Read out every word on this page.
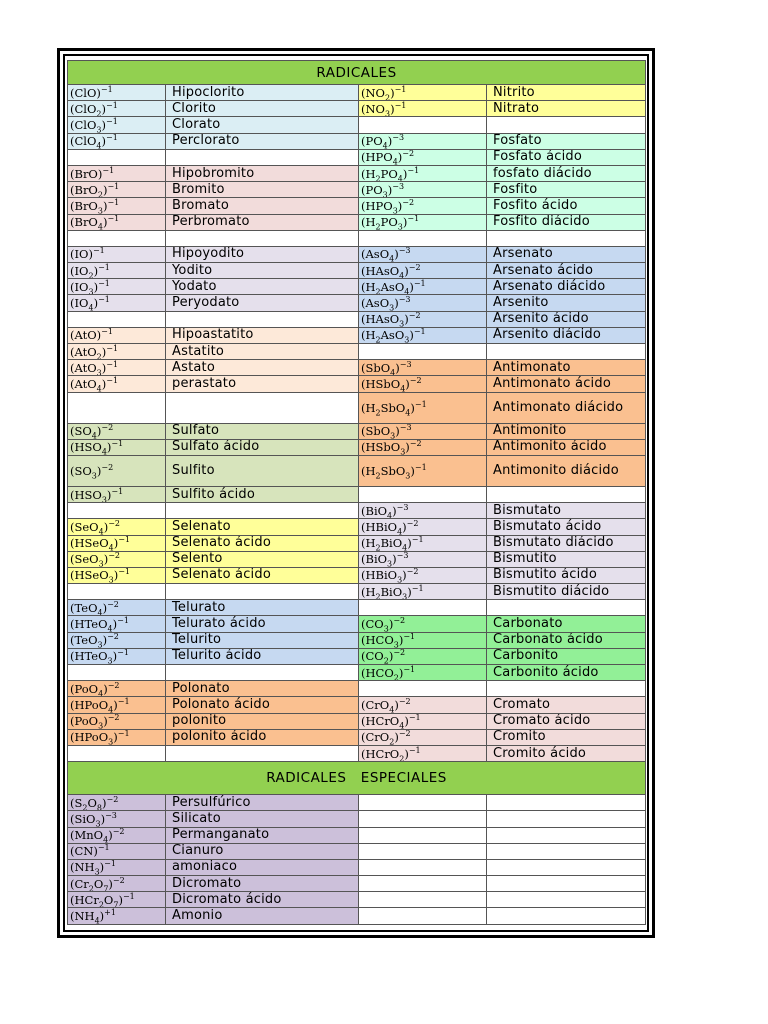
RADICALES			
(ClO)$^{-1}$	Hipoclorito	$(NO_2)^{-1}$	Nitrito
$(ClO_2)^{-1}$	Clorito	$(NO_3)^{-1}$	Nitrato
$(ClO_3)^{-1}$	Clorato		
$(ClO_4)^{-1}$	Perclorato	$(PO_4)^{-3}$	Fosfato
		$(HPO_4)^{-2}$	Fosfato ácido
(BrO)$^{-1}$	Hipobromito	$(H_2PO_4)^{-1}$	fosfato diácido
$(BrO_2)^{-1}$	Bromito	$(PO_3)^{-3}$	Fosfito
$(BrO_3)^{-1}$	Bromato	$(HPO_3)^{-2}$	Fosfito ácido
$(BrO_4)^{-1}$	Perbromato	$(H_2PO_3)^{-1}$	Fosfito diácido

(IO)$^{-1}$	Hipoyodito	$(AsO_4)^{-3}$	Arsenato
$(IO_2)^{-1}$	Yodito	(HAsO$_4$)$^{-2}$	Arsenato ácido
$(IO_3)^{-1}$	Yodato	$(H_2AsO_4)^{-1}$	Arsenato diácido
$(IO_4)^{-1}$	Peryodato	$(AsO_3)^{-3}$	Arsenito
		(HAsO$_3$)$^{-2}$	Arsenito ácido
(AtO)$^{-1}$	Hipoastatito	$(H_2AsO_3)^{-1}$	Arsenito diácido
$(AtO_2)^{-1}$	Astatito		
$(AtO_3)^{-1}$	Astato	$(SbO_4)^{-3}$	Antimonato
$(AtO_4)^{-1}$	perastato	(HSbO$_4$)$^{-2}$	Antimonato ácido
		$(H_2SbO_4)^{-1}$	Antimonato diácido
$(SO_4)^{-2}$	Sulfato	$(SbO_3)^{-3}$	Antimonito
$(HSO_4)^{-1}$	Sulfato ácido	(HSbO$_3$)$^{-2}$	Antimonito ácido
$(SO_3)^{-2}$	Sulfito	$(H_2SbO_3)^{-1}$	Antimonito diácido
$(HSO_3)^{-1}$	Sulfito ácido		
		$(BiO_4)^{-3}$	Bismutato
$(SeO_4)^{-2}$	Selenato	(HBiO$_4$)$^{-2}$	Bismutato ácido
(HSeO$_4$)$^{-1}$	Selenato ácido	$(H_2BiO_4)^{-1}$	Bismutato diácido
$(SeO_3)^{-2}$	Selento	$(BiO_3)^{-3}$	Bismutito
(HSeO$_3$)$^{-1}$	Selenato ácido	(HBiO$_3$)$^{-2}$	Bismutito ácido
		$(H_2BiO_3)^{-1}$	Bismutito diácido
$(TeO_4)^{-2}$	Telurato		
(HTeO$_4$)$^{-1}$	Telurato ácido	$(CO_3)^{-2}$	Carbonato
$(TeO_3)^{-2}$	Telurito	$(HCO_3)^{-1}$	Carbonato ácido
(HTeO$_3$)$^{-1}$	Telurito ácido	$(CO_2)^{-2}$	Carbonito
		$(HCO_2)^{-1}$	Carbonito ácido
$(PoO_4)^{-2}$	Polonato		
(HPoO$_4$)$^{-1}$	Polonato ácido	$(CrO_4)^{-2}$	Cromato
$(PoO_3)^{-2}$	polonito	(HCrO$_4$)$^{-1}$	Cromato ácido
(HPoO$_3$)$^{-1}$	polonito ácido	$(CrO_2)^{-2}$	Cromito
		(HCrO$_2$)$^{-1}$	Cromito ácido
RADICALES   ESPECIALES			
$(S_2O_8)^{-2}$	Persulfúrico		
$(SiO_3)^{-3}$	Silicato		
$(MnO_4)^{-2}$	Permanganato		
(CN)$^{-1}$	Cianuro		
$(NH_3)^{-1}$	amoniaco		
$(Cr_2O_7)^{-2}$	Dicromato		
$(HCr_2O_7)^{-1}$	Dicromato ácido		
$(NH_4)^{+1}$	Amonio		
